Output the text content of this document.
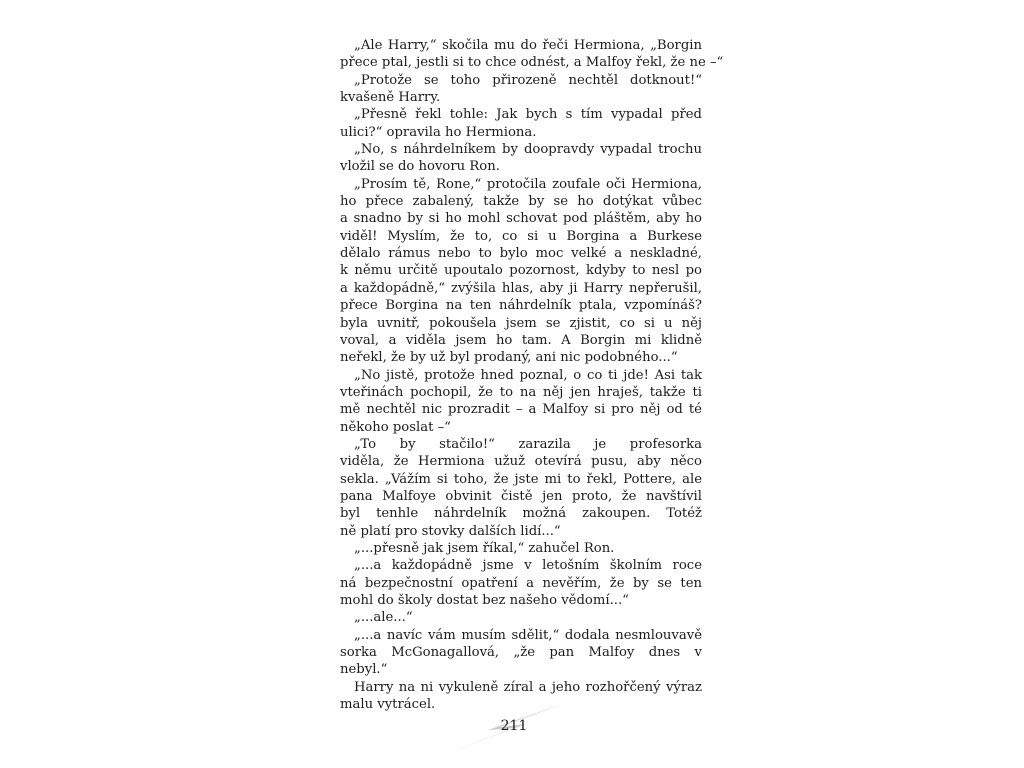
„Ale Harry,“ skočila mu do řeči Hermiona, „Borgin
přece ptal, jestli si to chce odnést, a Malfoy řekl, že ne –“
„Protože se toho přirozeně nechtěl dotknout!“
kvašeně Harry.
„Přesně řekl tohle: Jak bych s tím vypadal před
ulici?“ opravila ho Hermiona.
„No, s náhrdelníkem by doopravdy vypadal trochu
vložil se do hovoru Ron.
„Prosím tě, Rone,“ protočila zoufale oči Hermiona,
ho přece zabalený, takže by se ho dotýkat vůbec
a snadno by si ho mohl schovat pod pláštěm, aby ho
viděl! Myslím, že to, co si u Borgina a Burkese
dělalo rámus nebo to bylo moc velké a neskladné,
k němu určitě upoutalo pozornost, kdyby to nesl po
a každopádně,“ zvýšila hlas, aby ji Harry nepřerušil,
přece Borgina na ten náhrdelník ptala, vzpomínáš?
byla uvnitř, pokoušela jsem se zjistit, co si u něj
voval, a viděla jsem ho tam. A Borgin mi klidně
neřekl, že by už byl prodaný, ani nic podobného...“
„No jistě, protože hned poznal, o co ti jde! Asi tak
vteřinách pochopil, že to na něj jen hraješ, takže ti
mě nechtěl nic prozradit – a Malfoy si pro něj od té
někoho poslat –“
„To by stačilo!“ zarazila je profesorka
viděla, že Hermiona užuž otevírá pusu, aby něco
sekla. „Vážím si toho, že jste mi to řekl, Pottere, ale
pana Malfoye obvinit čistě jen proto, že navštívil
byl tenhle náhrdelník možná zakoupen. Totéž
ně platí pro stovky dalších lidí...“
„...přesně jak jsem říkal,“ zahučel Ron.
„...a každopádně jsme v letošním školním roce
ná bezpečnostní opatření a nevěřím, že by se ten
mohl do školy dostat bez našeho vědomí...“
„...ale...“
„...a navíc vám musím sdělit,“ dodala nesmlouvavě
sorka McGonagallová, „že pan Malfoy dnes v
nebyl.“
Harry na ni vykuleně zíral a jeho rozhořčený výraz
malu vytrácel.
211
